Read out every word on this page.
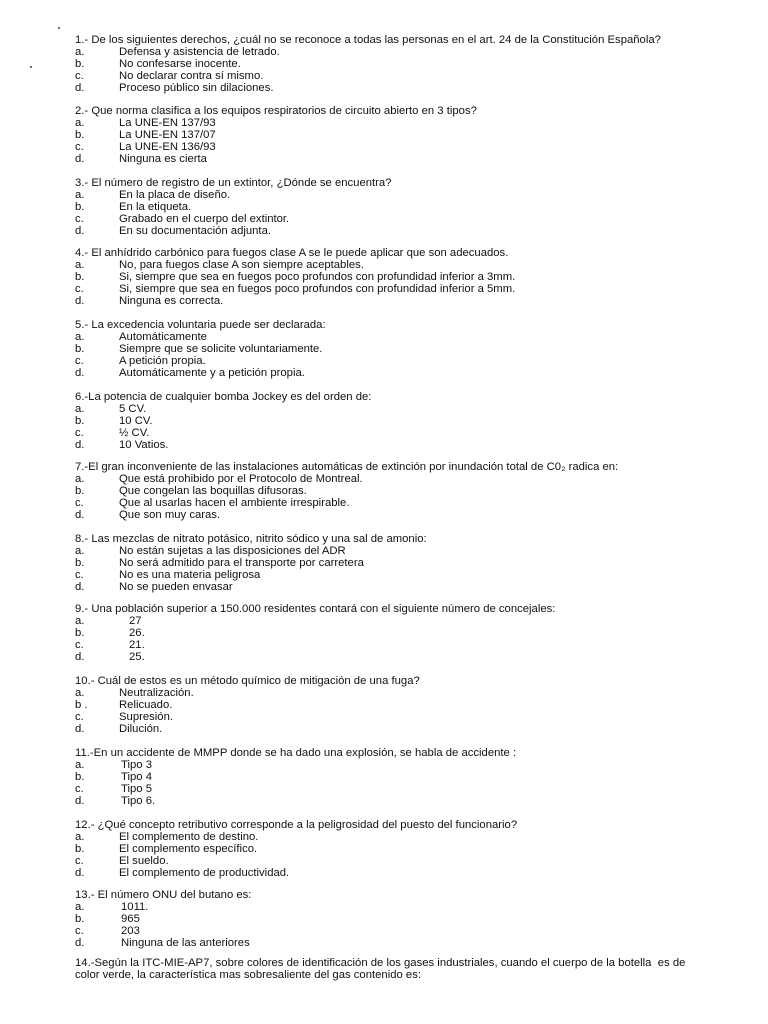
1.- De los siguientes derechos, ¿cuál no se reconoce a todas las personas en el art. 24 de la Constitución Española?
a.	Defensa y asistencia de letrado.
b.	No confesarse inocente.
c.	No declarar contra sí mismo.
d.	Proceso público sin dilaciones.
2.- Que norma clasifica a los equipos respiratorios de circuito abierto en 3 tipos?
a.	La UNE-EN 137/93
b.	La UNE-EN 137/07
c.	La UNE-EN 136/93
d.	Ninguna es cierta
3.- El número de registro de un extintor, ¿Dónde se encuentra?
a.	En la placa de diseño.
b.	En la etiqueta.
c.	Grabado en el cuerpo del extintor.
d.	En su documentación adjunta.
4.- El anhídrido carbónico para fuegos clase A se le puede aplicar que son adecuados.
a.	No, para fuegos clase A son siempre aceptables.
b.	Si, siempre que sea en fuegos poco profundos con profundidad inferior a 3mm.
c.	Si, siempre que sea en fuegos poco profundos con profundidad inferior a 5mm.
d.	Ninguna es correcta.
5.- La excedencia voluntaria puede ser declarada:
a.	Automáticamente
b.	Siempre que se solicite voluntariamente.
c.	A petición propia.
d.	Automáticamente y a petición propia.
6.-La potencia de cualquier bomba Jockey es del orden de:
a.	5 CV.
b.	10 CV.
c.	½ CV.
d.	10 Vatios.
7.-El gran inconveniente de las instalaciones automáticas de extinción por inundación total de C0₂ radica en:
a.	Que está prohibido por el Protocolo de Montreal.
b.	Que congelan las boquillas difusoras.
c.	Que al usarlas hacen el ambiente irrespirable.
d.	Que son muy caras.
8.- Las mezclas de nitrato potásico, nitrito sódico y una sal de amonio:
a.	No están sujetas a las disposiciones del ADR
b.	No será admitido para el transporte por carretera
c.	No es una materia peligrosa
d.	No se pueden envasar
9.- Una población superior a 150.000 residentes contará con el siguiente número de concejales:
a.	27
b.	26.
c.	21.
d.	25.
10.- Cuál de estos es un método químico de mitigación de una fuga?
a.	Neutralización.
b .	Relicuado.
c.	Supresión.
d.	Dilución.
11.-En un accidente de MMPP donde se ha dado una explosión, se habla de accidente :
a.	Tipo 3
b.	Tipo 4
c.	Tipo 5
d.	Tipo 6.
12.- ¿Qué concepto retributivo corresponde a la peligrosidad del puesto del funcionario?
a.	El complemento de destino.
b.	El complemento específico.
c.	El sueldo.
d.	El complemento de productividad.
13.- El número ONU del butano es:
a.	1011.
b.	965
c.	203
d.	Ninguna de las anteriores
14.-Según la ITC-MIE-AP7, sobre colores de identificación de los gases industriales, cuando el cuerpo de la botella  es de color verde, la característica mas sobresaliente del gas contenido es:
